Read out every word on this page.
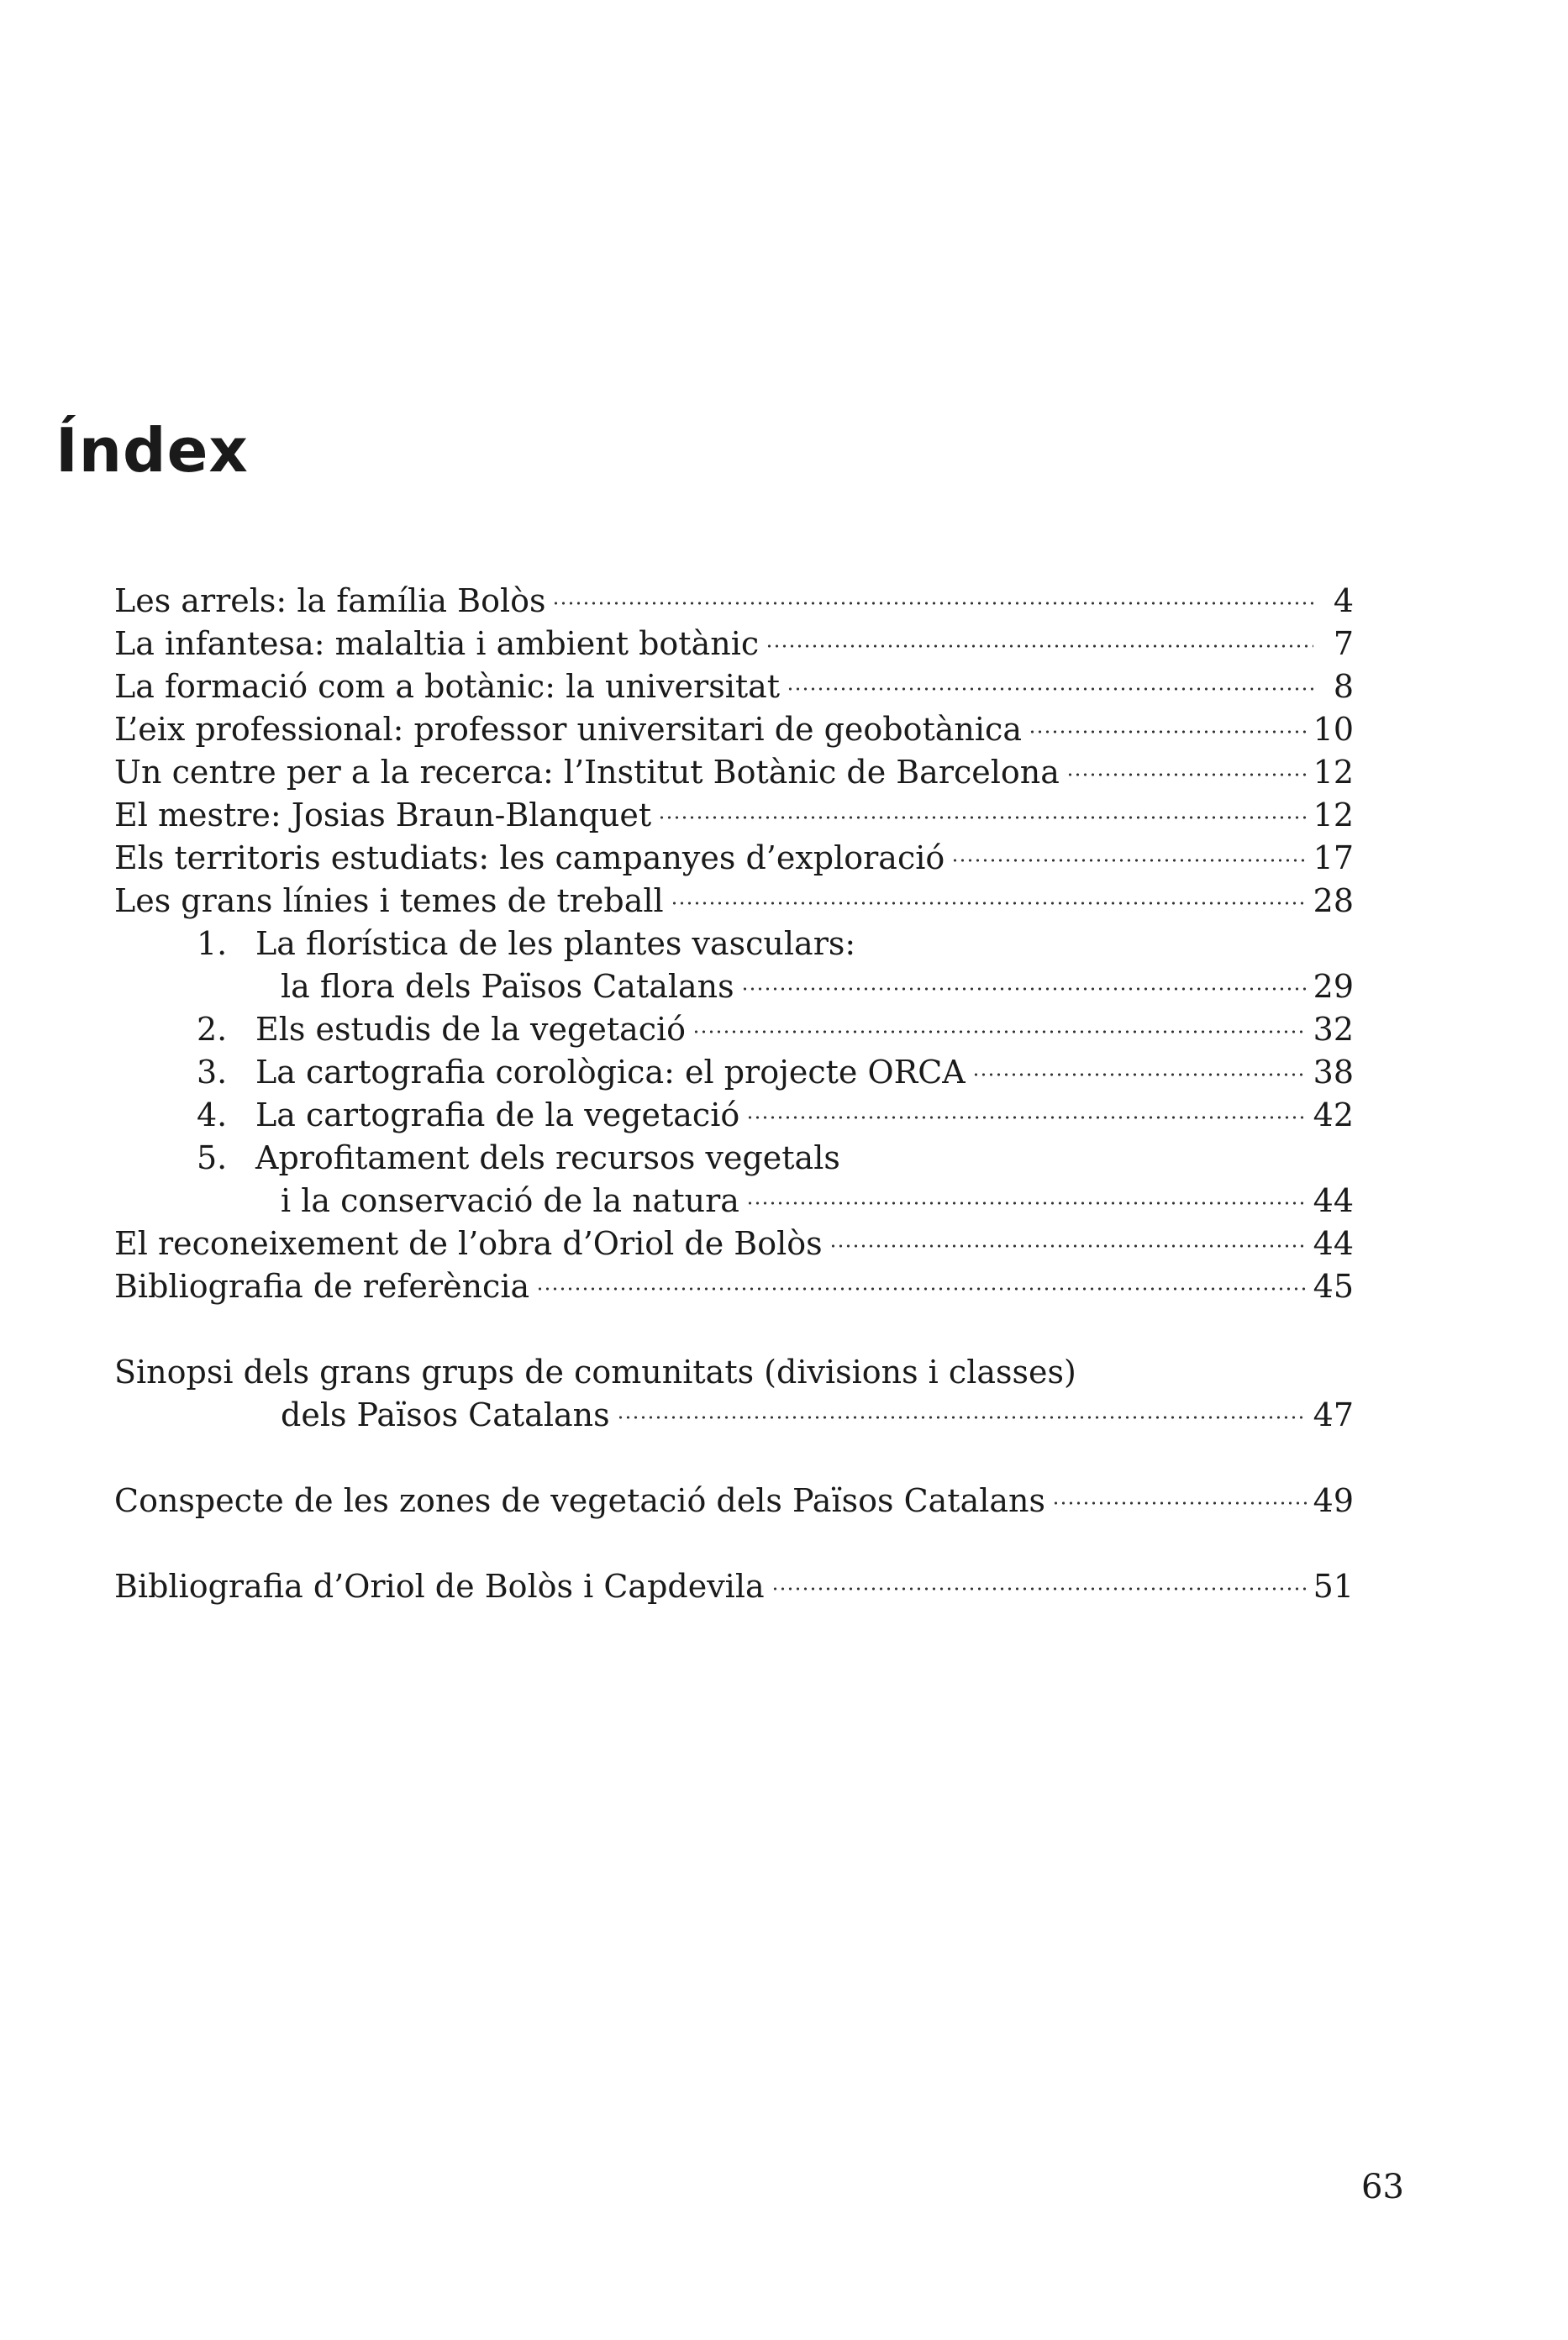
Índex
Les arrels: la família Bolòs	4
La infantesa: malaltia i ambient botànic	7
La formació com a botànic: la universitat	8
L’eix professional: professor universitari de geobotànica	10
Un centre per a la recerca: l’Institut Botànic de Barcelona	12
El mestre: Josias Braun-Blanquet	12
Els territoris estudiats: les campanyes d’exploració	17
Les grans línies i temes de treball	28
1. La florística de les plantes vasculars:
la flora dels Països Catalans	29
2. Els estudis de la vegetació	32
3. La cartografia corològica: el projecte ORCA	38
4. La cartografia de la vegetació	42
5. Aprofitament dels recursos vegetals
i la conservació de la natura	44
El reconeixement de l’obra d’Oriol de Bolòs	44
Bibliografia de referència	45
Sinopsi dels grans grups de comunitats (divisions i classes)
dels Països Catalans	47
Conspecte de les zones de vegetació dels Països Catalans	49
Bibliografia d’Oriol de Bolòs i Capdevila	51
63
